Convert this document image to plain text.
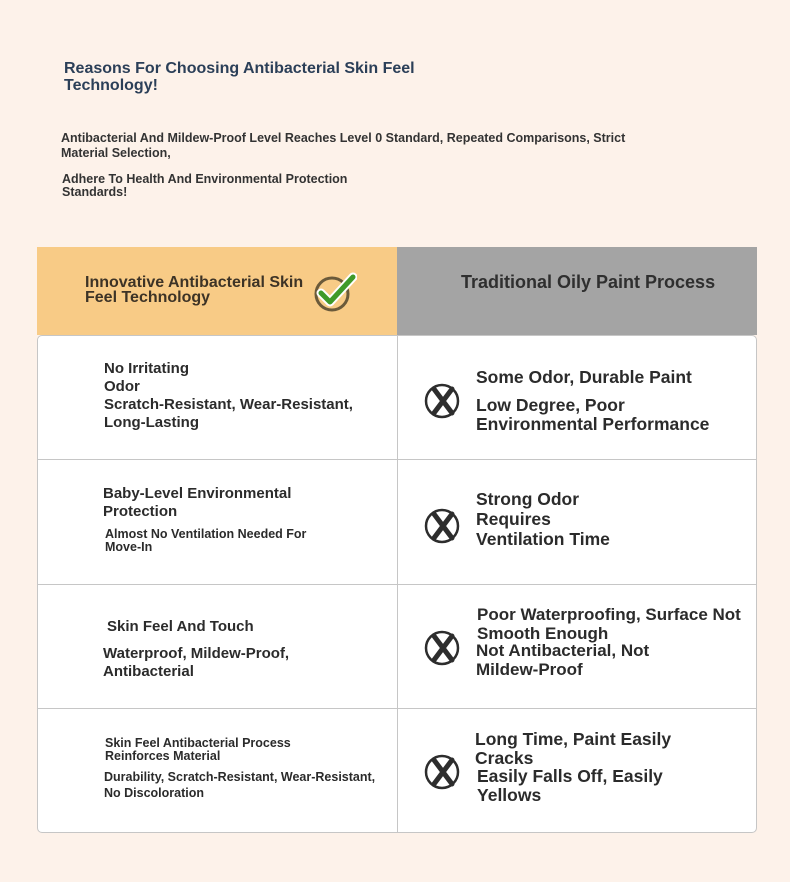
Reasons For Choosing Antibacterial Skin Feel Technology!
Antibacterial And Mildew-Proof Level Reaches Level 0 Standard, Repeated Comparisons, Strict Material Selection,
Adhere To Health And Environmental Protection Standards!
Innovative Antibacterial Skin Feel Technology
Traditional Oily Paint Process

No Irritating Odor

Scratch-Resistant, Wear-Resistant, Long-Lasting

Some Odor, Durable Paint

Low Degree, Poor Environmental Performance

Baby-Level Environmental Protection

Almost No Ventilation Needed For Move-In

Strong Odor Requires Ventilation Time

Skin Feel And Touch

Waterproof, Mildew-Proof, Antibacterial

Poor Waterproofing, Surface Not Smooth Enough

Not Antibacterial, Not Mildew-Proof

Skin Feel Antibacterial Process Reinforces Material

Durability, Scratch-Resistant, Wear-Resistant, No Discoloration

Long Time, Paint Easily Cracks

Easily Falls Off, Easily Yellows
